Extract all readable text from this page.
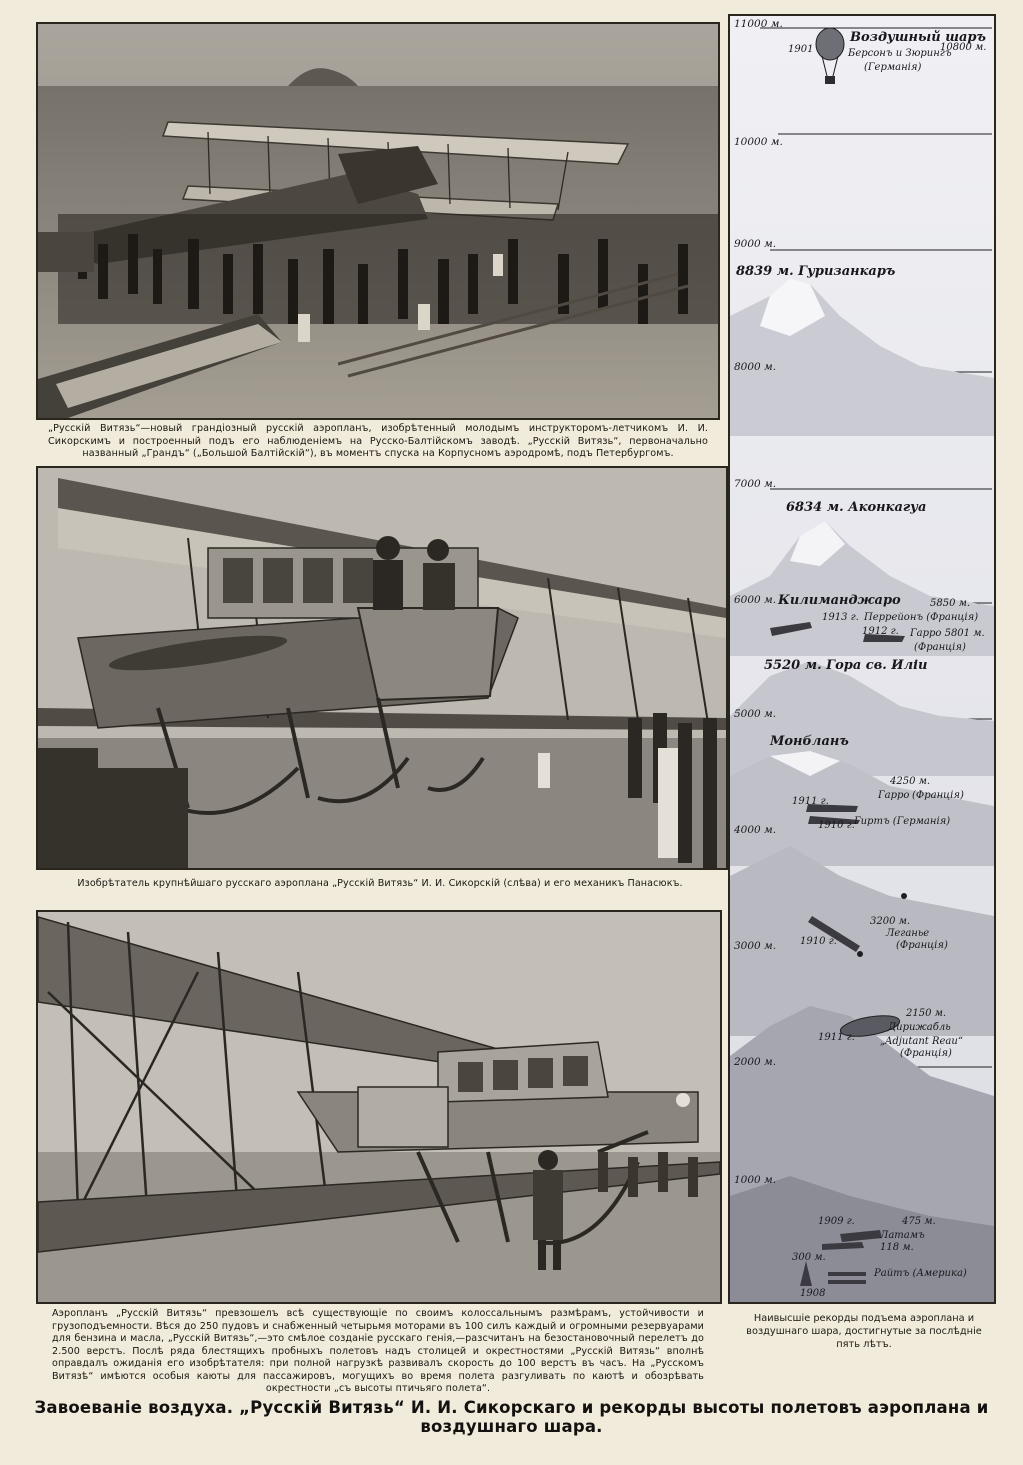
„Русскій Витязь“—новый грандіозный русскій аэропланъ, изобрѣтенный молодымъ инструкторомъ-летчикомъ И. И. Сикорскимъ и построенный подъ его наблюденіемъ на Русско-Балтійскомъ заводѣ. „Русскій Витязь“, первоначально названный „Грандъ“ („Большой Балтійскій“), въ моментъ спуска на Корпусномъ аэродромѣ, подъ Петербургомъ.
Изобрѣтатель крупнѣйшаго русскаго аэроплана „Русскій Витязь“ И. И. Сикорскій (слѣва) и его механикъ Панасюкъ.
Аэропланъ „Русскій Витязь“ превзошелъ всѣ существующіе по своимъ колоссальнымъ размѣрамъ, устойчивости и грузоподъемности. Вѣся до 250 пудовъ и снабженный четырьмя моторами въ 100 силъ каждый и огромными резервуарами для бензина и масла, „Русскій Витязь“,—это смѣлое созданіе русскаго генія,—разсчитанъ на безостановочный перелетъ до 2.500 верстъ. Послѣ ряда блестящихъ пробныхъ полетовъ надъ столицей и окрестностями „Русскій Витязь“ вполнѣ оправдалъ ожиданія его изобрѣтателя: при полной нагрузкѣ развивалъ скорость до 100 верстъ въ часъ. На „Русскомъ Витязѣ“ имѣются особыя каюты для пассажировъ, могущихъ во время полета разгуливать по каютѣ и обозрѣвать окрестности „съ высоты птичьяго полета“.
11000 м.
10000 м.
9000 м.
8000 м.
7000 м.
6000 м.
5000 м.
4000 м.
3000 м.
2000 м.
1000 м.
1901
Воздушный шаръ
Берсонъ и Зюрингъ
(Германія)
10800 м.
8839 м. Гуризанкаръ
6834 м. Аконкагуа
Килиманджаро
5520 м. Гора св. Иліи
Монбланъ
5850 м.
1913 г. Перрейонъ (Франція)
1912 г. Гарро 5801 м.
(Франція)
4250 м.
1911 г.
Гарро (Франція)
1910 г. Гиртъ (Германія)
3200 м.
1910 г.
Леганье
(Франція)
2150 м.
1911 г.
Дирижабль
„Adjutant Reau“
(Франція)
1909 г.	475 м.
Латамъ
118 м.
300 м.
Райтъ (Америка)
1908
Наивысшіе рекорды подъема аэроплана и воздушнаго шара, достигнутые за послѣдніе пять лѣтъ.
Завоеваніе воздуха. „Русскій Витязь“ И. И. Сикорскаго и рекорды высоты полетовъ аэроплана и воздушнаго шара.
